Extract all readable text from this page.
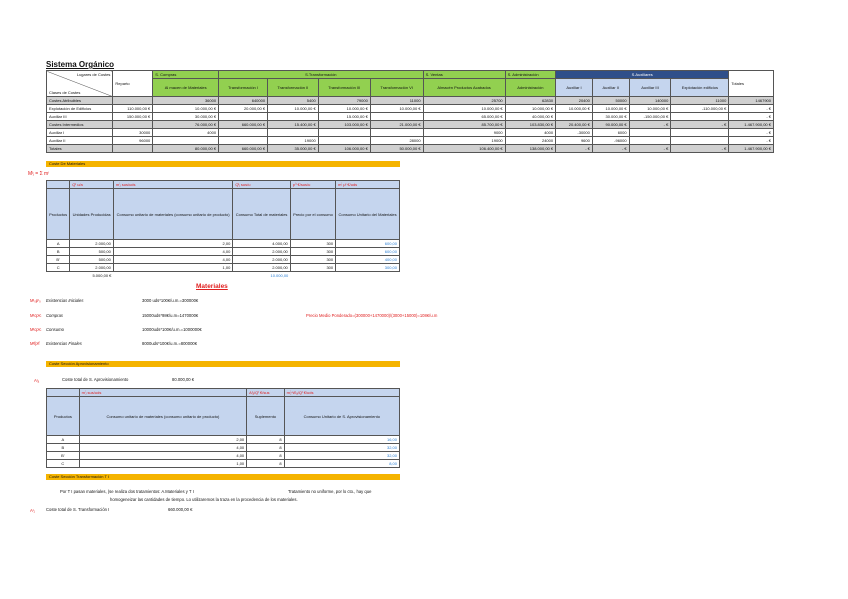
Sistema Orgánico
Lugares de Costes
Clases de Costes	Reparto	S. Compras	S.Transformación				S. Ventas	S. Administración	S.Auxiliares				Totales
		Al macen de Materiales	Transformación I	Transformación II	Transformación III	Transformación VI	Almacén Productos Acabados	Administración	Auxiliar I	Auxiliar II	Auxiliar III	Explotación edificios	
Costes Atribuibles		36000	640000	5400	79000	11000	25700	62830	20400	50000	140000	11000	1467900
Explotación de Edificios	110.000,00 €	10.000,00 €	20.000,00 €	10.000,00 €	10.000,00 €	10.000,00 €	10.000,00 €	10.000,00 €	10.000,00 €	10.000,00 €	10.000,00 €	-110.000,00 €	- €
Auxiliar III	150.000,00 €	30.000,00 €			15.000,00 €		65.000,00 €	40.000,00 €		30.000,00 €	-150.000,00 €		- €
Costes Intermedios		76.000,00 €	660.000,00 €	15.400,00 €	103.000,00 €	21.000,00 €	85.700,00 €	103.830,00 €	20.400,00 €	90.000,00 €	- €	- €	1.467.900,00 €
Auxiliar I	30000	4000					9000	4000	-30000	6000			- €
Auxiliar II	96000			19000		28000	19000	24000	9600	-96000			- €
Totales		80.000,00 €	660.000,00 €	35.000,00 €	106.000,00 €	50.000,00 €	106.400,00 €	138.000,00 €	- €	- €	- €	- €	1.467.900,00 €
Coste De Materiales
Mᴵⱼ = Σ mⁱ
	Qᴵ u/a	mⁱⱼ sus/uds	Qᴵⱼ sus/u	pⁱᴵ €/sus/u	mⁱ μᴵ €/uds
Productos	Unidades Producidas	Consumo unitario de materiales (consumo unitario de producto)	Consumo Total de materiales	Precio por el consumo	Consumo Unitario del Materiales
A	2.000,00	2,00	4.000,00	300	600,00
B	500,00	4,00	2.000,00	300	600,00
B'	500,00	4,00	2.000,00	300	400,00
C	2.000,00	1,00	2.000,00	300	300,00
	5.000,00 €		10.000,00		
Materiales
Mᴵ₀pᴵ₀ Existencias Iniciales	3000 uds*100€/u.m.=300000€
Mᴵcpᴵc Compras	15000uds*98€/u.m=1470000€	Precio Medio Ponderado=(300000+1470000)/(3000+15000)=108€/u.m
Mᴵcpᴵᴄ Consumo	10000uds*100€/u.m.=1000000€
Mᴵfpᴵf Existencias Finales	8000uds*100€/u.m.=800000€
Coste Sección Aprovisionamiento
Aᴵₐ	Coste total de S. Aprovisionamiento	80.000,00 €
	mⁱⱼ sus/uds	Aᴵₐ/Qᴵ €/sus	mⁱⱼ*Aᴵₐ/Qᴵ €/uds
Productos	Consumo unitario de materiales (consumo unitario de producto)	Suplemento	Consumo Unitario de S. Aprovisionamiento
A	2,00	8	16,00
B	4,00	8	32,00
B'	4,00	8	32,00
C	1,00	8	8,00
Coste Sección Transformación T I
Por T I pasan materiales, (se realiza dos tratamientos: A.Materiales y T I	Tratamiento no uniforme, por lo cto., hay que
homogeneizar las cantidades de tiempo. Lo utilizaremos la traza en la procedencia de los materiales.
Aᴵ₁	Coste total de S. Transformación I	660.000,00 €
